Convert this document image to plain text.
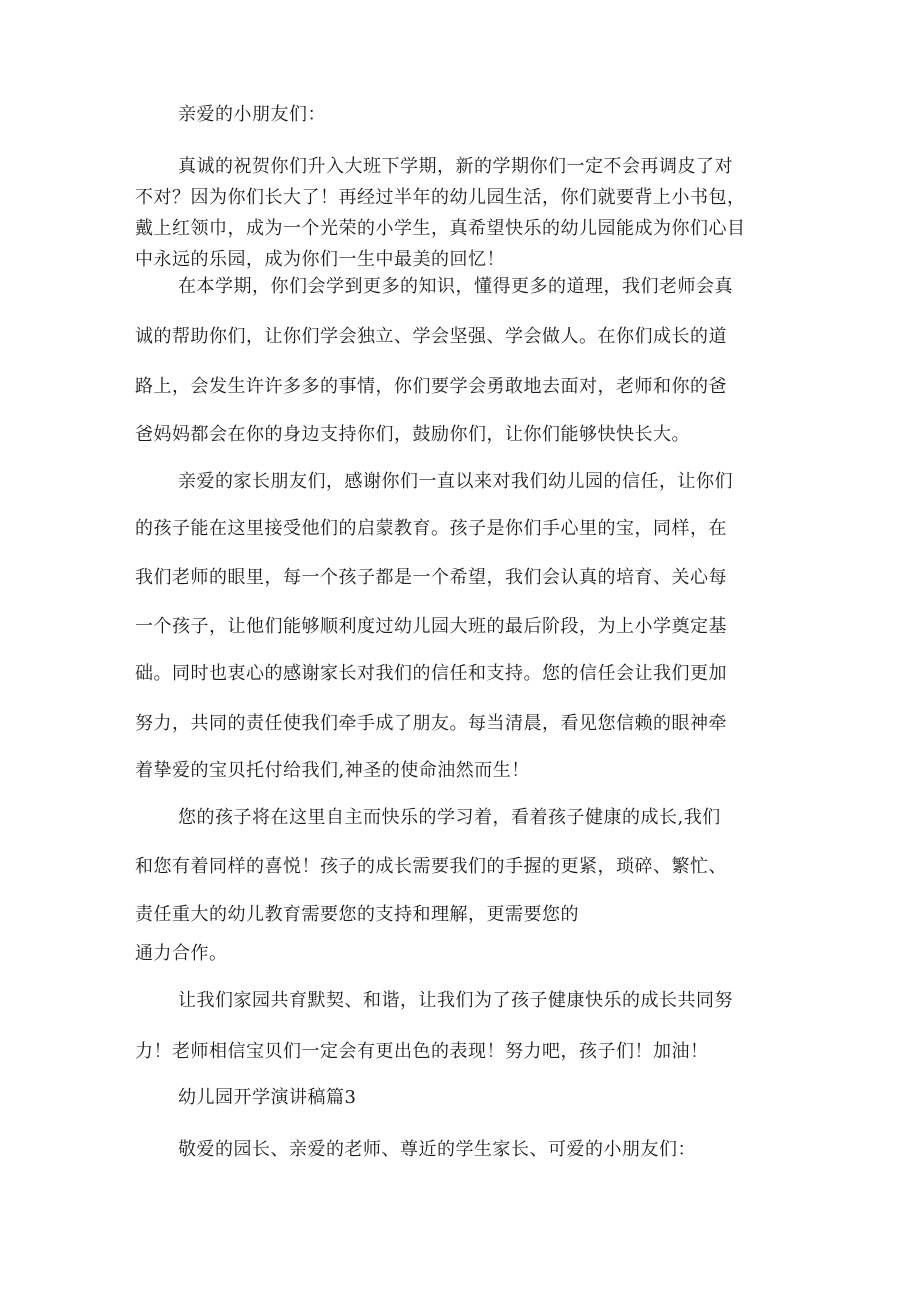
亲爱的小朋友们：
真诚的祝贺你们升入大班下学期，新的学期你们一定不会再调皮了对
不对？因为你们长大了！再经过半年的幼儿园生活，你们就要背上小书包，
戴上红领巾，成为一个光荣的小学生，真希望快乐的幼儿园能成为你们心目
中永远的乐园，成为你们一生中最美的回忆！
在本学期，你们会学到更多的知识，懂得更多的道理，我们老师会真
诚的帮助你们，让你们学会独立、学会坚强、学会做人。在你们成长的道
路上，会发生许许多多的事情，你们要学会勇敢地去面对，老师和你的爸
爸妈妈都会在你的身边支持你们，鼓励你们，让你们能够快快长大。
亲爱的家长朋友们，感谢你们一直以来对我们幼儿园的信任，让你们
的孩子能在这里接受他们的启蒙教育。孩子是你们手心里的宝，同样，在
我们老师的眼里，每一个孩子都是一个希望，我们会认真的培育、关心每
一个孩子，让他们能够顺利度过幼儿园大班的最后阶段，为上小学奠定基
础。同时也衷心的感谢家长对我们的信任和支持。您的信任会让我们更加
努力，共同的责任使我们牵手成了朋友。每当清晨，看见您信赖的眼神牵
着挚爱的宝贝托付给我们,神圣的使命油然而生！
您的孩子将在这里自主而快乐的学习着，看着孩子健康的成长,我们
和您有着同样的喜悦！孩子的成长需要我们的手握的更紧，琐碎、繁忙、
责任重大的幼儿教育需要您的支持和理解，更需要您的
通力合作。
让我们家园共育默契、和谐，让我们为了孩子健康快乐的成长共同努
力！老师相信宝贝们一定会有更出色的表现！努力吧，孩子们！加油！
幼儿园开学演讲稿篇3
敬爱的园长、亲爱的老师、尊近的学生家长、可爱的小朋友们：
